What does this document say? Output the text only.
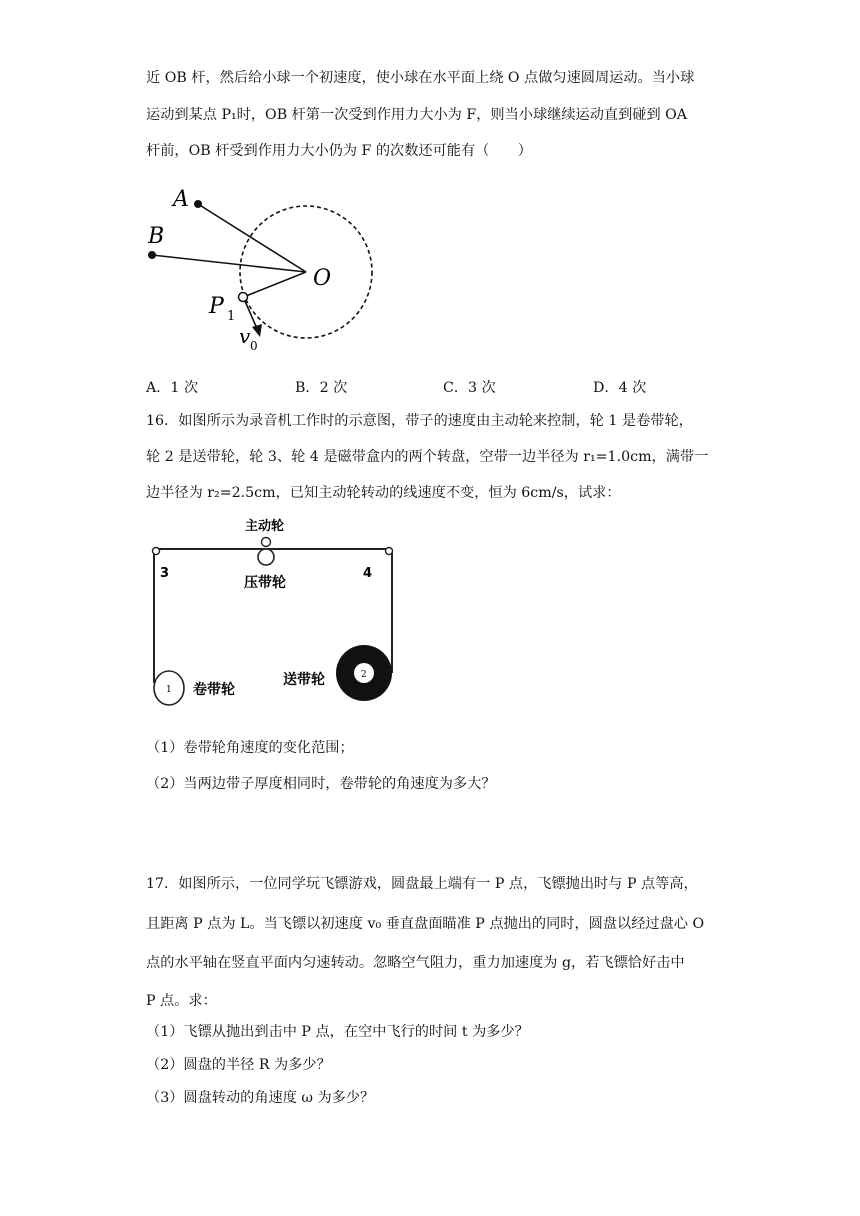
近 OB 杆，然后给小球一个初速度，使小球在水平面上绕 O 点做匀速圆周运动。当小球
运动到某点 P₁时，OB 杆第一次受到作用力大小为 F，则当小球继续运动直到碰到 OA
杆前，OB 杆受到作用力大小仍为 F 的次数还可能有（　　）
A
B
O
P 1
v 0
A．1 次	B．2 次	C．3 次	D．4 次
16．如图所示为录音机工作时的示意图，带子的速度由主动轮来控制，轮 1 是卷带轮，
轮 2 是送带轮，轮 3、轮 4 是磁带盒内的两个转盘，空带一边半径为 r₁=1.0cm，满带一
边半径为 r₂=2.5cm，已知主动轮转动的线速度不变，恒为 6cm/s，试求：
主动轮
压带轮
3	4
1
2
卷带轮
送带轮
（1）卷带轮角速度的变化范围；
（2）当两边带子厚度相同时，卷带轮的角速度为多大？
17．如图所示，一位同学玩飞镖游戏，圆盘最上端有一 P 点，飞镖抛出时与 P 点等高，
且距离 P 点为 L。当飞镖以初速度 v₀ 垂直盘面瞄准 P 点抛出的同时，圆盘以经过盘心 O
点的水平轴在竖直平面内匀速转动。忽略空气阻力，重力加速度为 g，若飞镖恰好击中
P 点。求：
（1）飞镖从抛出到击中 P 点，在空中飞行的时间 t 为多少？
（2）圆盘的半径 R 为多少？
（3）圆盘转动的角速度 ω 为多少？
